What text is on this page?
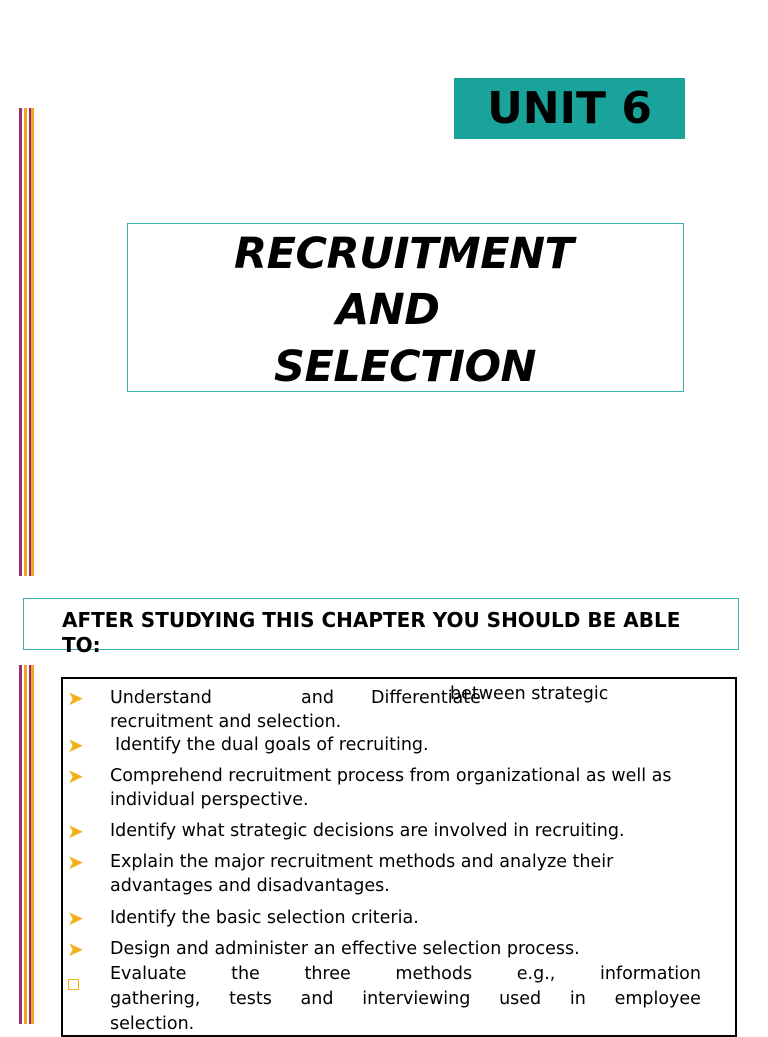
UNIT 6
RECRUITMENT
AND
SELECTION
AFTER STUDYING THIS CHAPTER YOU SHOULD BE ABLE TO:
➤ Understand	and Differentiate
between strategic
recruitment and selection.
➤ Identify the dual goals of recruiting.
➤ Comprehend recruitment process from organizational as well as individual perspective.
➤ Identify what strategic decisions are involved in recruiting.
➤ Explain the major recruitment methods and analyze their advantages and disadvantages.
➤ Identify the basic selection criteria.
➤ Design and administer an effective selection process.
Evaluate	the	three	methods	e.g.,	information
gathering, tests and interviewing used in employee
selection.
